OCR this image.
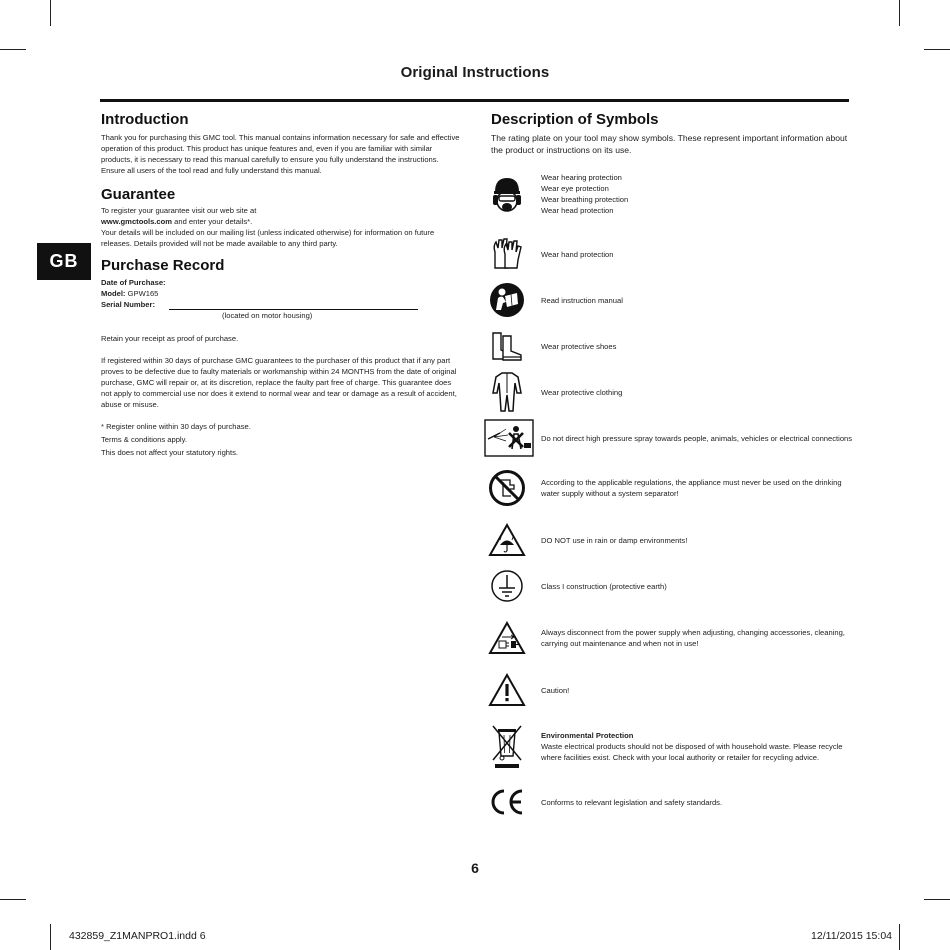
Original Instructions
GB
Introduction

Thank you for purchasing this GMC tool. This manual contains information necessary for safe and effective

operation of this product. This product has unique features and, even if you are familiar with similar

products, it is necessary to read this manual carefully to ensure you fully understand the instructions.

Ensure all users of the tool read and fully understand this manual.

Guarantee

To register your guarantee visit our web site at

www.gmctools.com and enter your details*.

Your details will be included on our mailing list (unless indicated otherwise) for information on future

releases. Details provided will not be made available to any third party.

Purchase Record

Date of Purchase:

Model: GPW165

Serial Number:

(located on motor housing)

Retain your receipt as proof of purchase.

If registered within 30 days of purchase GMC guarantees to the purchaser of this product that if any part

proves to be defective due to faulty materials or workmanship within 24 MONTHS from the date of original

purchase, GMC will repair or, at its discretion, replace the faulty part free of charge. This guarantee does

not apply to commercial use nor does it extend to normal wear and tear or damage as a result of accident,

abuse or misuse.

* Register online within 30 days of purchase.

Terms & conditions apply.

This does not affect your statutory rights.

Description of Symbols

The rating plate on your tool may show symbols. These represent important information about

the product or instructions on its use.

Wear hearing protection
Wear eye protection
Wear breathing protection
Wear head protection
Wear hand protection
Read instruction manual
Wear protective shoes
Wear protective clothing
Do not direct high pressure spray towards people, animals, vehicles or electrical connections
According to the applicable regulations, the appliance must never be used on the drinking
water supply without a system separator!
DO NOT use in rain or damp environments!
Class I construction (protective earth)
Always disconnect from the power supply when adjusting, changing accessories, cleaning,
carrying out maintenance and when not in use!
Caution!
Environmental Protection
Waste electrical products should not be disposed of with household waste. Please recycle
where facilities exist. Check with your local authority or retailer for recycling advice.
Conforms to relevant legislation and safety standards.
6
432859_Z1MANPRO1.indd 6	12/11/2015 15:04
